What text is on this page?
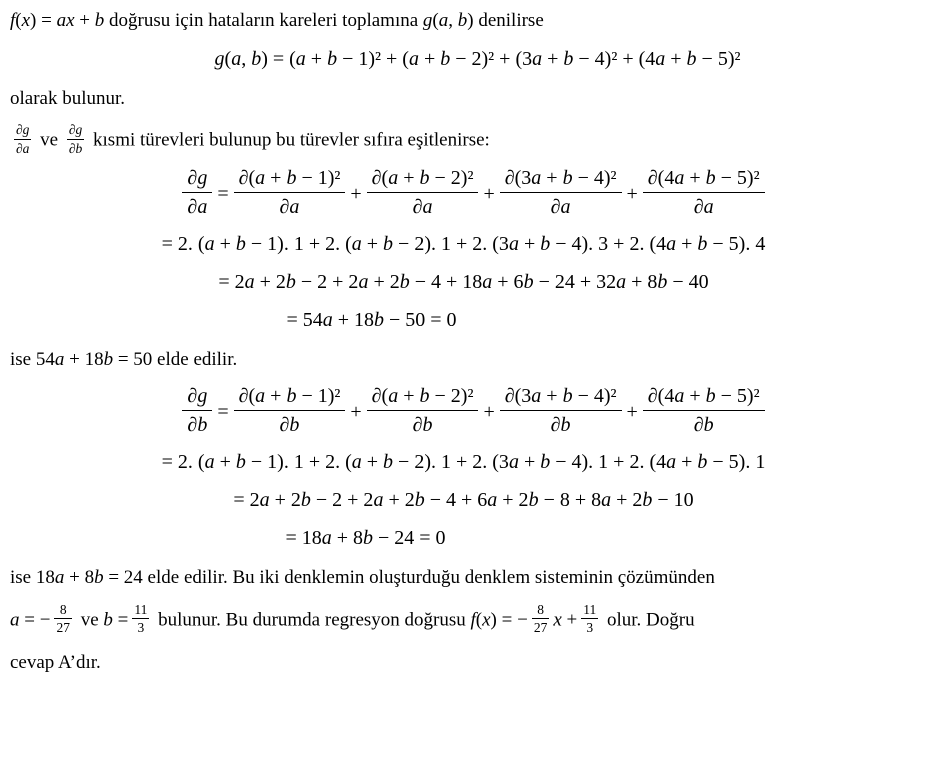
f(x) = ax + b doğrusu için hataların kareleri toplamına g(a, b) denilirse
g(a, b) = (a + b − 1)² + (a + b − 2)² + (3a + b − 4)² + (4a + b − 5)²
olarak bulunur.
$\frac{\partial g}{\partial a}$ ve $\frac{\partial g}{\partial b}$ kısmi türevleri bulunup bu türevler sıfıra eşitlenirse:
$\frac{\partial g}{\partial a} = \frac{\text{∂(a + b − 1)²}}{\partial a} + \frac{\text{∂(a + b − 2)²}}{\partial a} + \frac{\text{∂(3a + b − 4)²}}{\partial a} + \frac{\text{∂(4a + b − 5)²}}{\partial a}$
= 2. (a + b − 1). 1 + 2. (a + b − 2). 1 + 2. (3a + b − 4). 3 + 2. (4a + b − 5). 4
= 2a + 2b − 2 + 2a + 2b − 4 + 18a + 6b − 24 + 32a + 8b − 40
= 54a + 18b − 50 = 0
ise 54a + 18b = 50 elde edilir.
$\frac{\partial g}{\partial b} = \frac{\text{∂(a + b − 1)²}}{\partial b} + \frac{\text{∂(a + b − 2)²}}{\partial b} + \frac{\text{∂(3a + b − 4)²}}{\partial b} + \frac{\text{∂(4a + b − 5)²}}{\partial b}$
= 2. (a + b − 1). 1 + 2. (a + b − 2). 1 + 2. (3a + b − 4). 1 + 2. (4a + b − 5). 1
= 2a + 2b − 2 + 2a + 2b − 4 + 6a + 2b − 8 + 8a + 2b − 10
= 18a + 8b − 24 = 0
ise 18a + 8b = 24 elde edilir. Bu iki denklemin oluşturduğu denklem sisteminin çözümünden
a = − $\frac{8}{27}$ ve $b = \frac{11}{3}$ bulunur. Bu durumda regresyon doğrusu f(x) = − $\frac{8}{27}$ $x + \frac{11}{3}$ olur. Doğru
cevap A’dır.
